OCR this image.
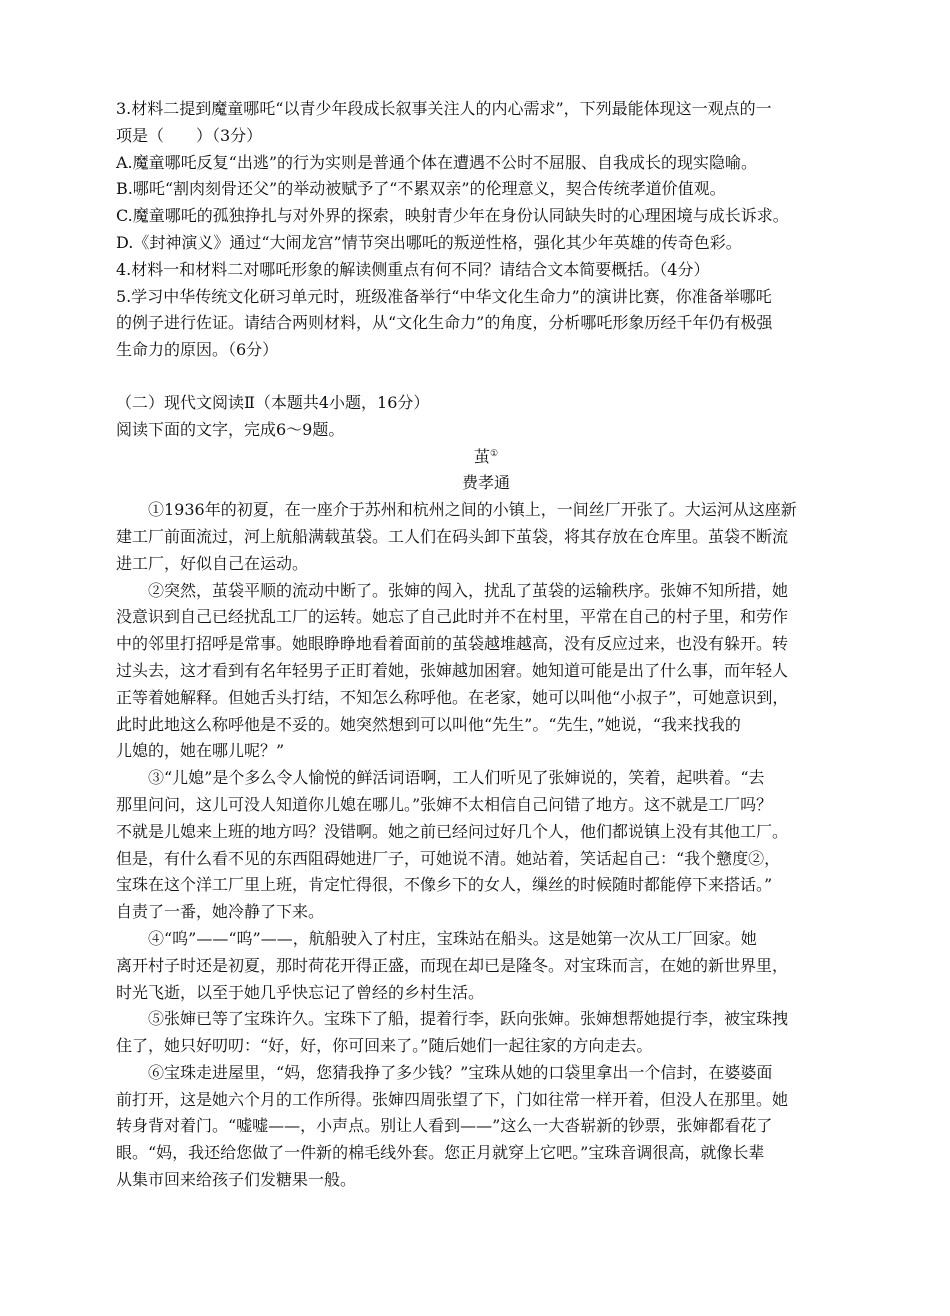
3.材料二提到魔童哪吒“以青少年段成长叙事关注人的内心需求”，下列最能体现这一观点的一
项是（　　）（3分）
A.魔童哪吒反复“出逃”的行为实则是普通个体在遭遇不公时不屈服、自我成长的现实隐喻。
B.哪吒“割肉刻骨还父”的举动被赋予了“不累双亲”的伦理意义，契合传统孝道价值观。
C.魔童哪吒的孤独挣扎与对外界的探索，映射青少年在身份认同缺失时的心理困境与成长诉求。
D.《封神演义》通过“大闹龙宫”情节突出哪吒的叛逆性格，强化其少年英雄的传奇色彩。
4.材料一和材料二对哪吒形象的解读侧重点有何不同？请结合文本简要概括。（4分）
5.学习中华传统文化研习单元时，班级准备举行“中华文化生命力”的演讲比赛，你准备举哪吒
的例子进行佐证。请结合两则材料，从“文化生命力”的角度，分析哪吒形象历经千年仍有极强
生命力的原因。（6分）
（二）现代文阅读Ⅱ（本题共4小题，16分）
阅读下面的文字，完成6～9题。
茧①
费孝通
①1936年的初夏，在一座介于苏州和杭州之间的小镇上，一间丝厂开张了。大运河从这座新
建工厂前面流过，河上航船满载茧袋。工人们在码头卸下茧袋，将其存放在仓库里。茧袋不断流
进工厂，好似自己在运动。
②突然，茧袋平顺的流动中断了。张婶的闯入，扰乱了茧袋的运输秩序。张婶不知所措，她
没意识到自己已经扰乱工厂的运转。她忘了自己此时并不在村里，平常在自己的村子里，和劳作
中的邻里打招呼是常事。她眼睁睁地看着面前的茧袋越堆越高，没有反应过来，也没有躲开。转
过头去，这才看到有名年轻男子正盯着她，张婶越加困窘。她知道可能是出了什么事，而年轻人
正等着她解释。但她舌头打结，不知怎么称呼他。在老家，她可以叫他“小叔子”，可她意识到，
此时此地这么称呼他是不妥的。她突然想到可以叫他“先生”。“先生，”她说，“我来找我的
儿媳的，她在哪儿呢？”
③“儿媳”是个多么令人愉悦的鲜活词语啊，工人们听见了张婶说的，笑着，起哄着。“去
那里问问，这儿可没人知道你儿媳在哪儿。”张婶不太相信自己问错了地方。这不就是工厂吗？
不就是儿媳来上班的地方吗？没错啊。她之前已经问过好几个人，他们都说镇上没有其他工厂。
但是，有什么看不见的东西阻碍她进厂子，可她说不清。她站着，笑话起自己：“我个戆度②，
宝珠在这个洋工厂里上班，肯定忙得很，不像乡下的女人，缫丝的时候随时都能停下来搭话。”
自责了一番，她冷静了下来。
④“呜”——“呜”——，航船驶入了村庄，宝珠站在船头。这是她第一次从工厂回家。她
离开村子时还是初夏，那时荷花开得正盛，而现在却已是隆冬。对宝珠而言，在她的新世界里，
时光飞逝，以至于她几乎快忘记了曾经的乡村生活。
⑤张婶已等了宝珠许久。宝珠下了船，提着行李，跃向张婶。张婶想帮她提行李，被宝珠拽
住了，她只好叨叨：“好，好，你可回来了。”随后她们一起往家的方向走去。
⑥宝珠走进屋里，“妈，您猜我挣了多少钱？”宝珠从她的口袋里拿出一个信封，在婆婆面
前打开，这是她六个月的工作所得。张婶四周张望了下，门如往常一样开着，但没人在那里。她
转身背对着门。“嘘嘘——，小声点。别让人看到——”这么一大沓崭新的钞票，张婶都看花了
眼。“妈，我还给您做了一件新的棉毛线外套。您正月就穿上它吧。”宝珠音调很高，就像长辈
从集市回来给孩子们发糖果一般。
